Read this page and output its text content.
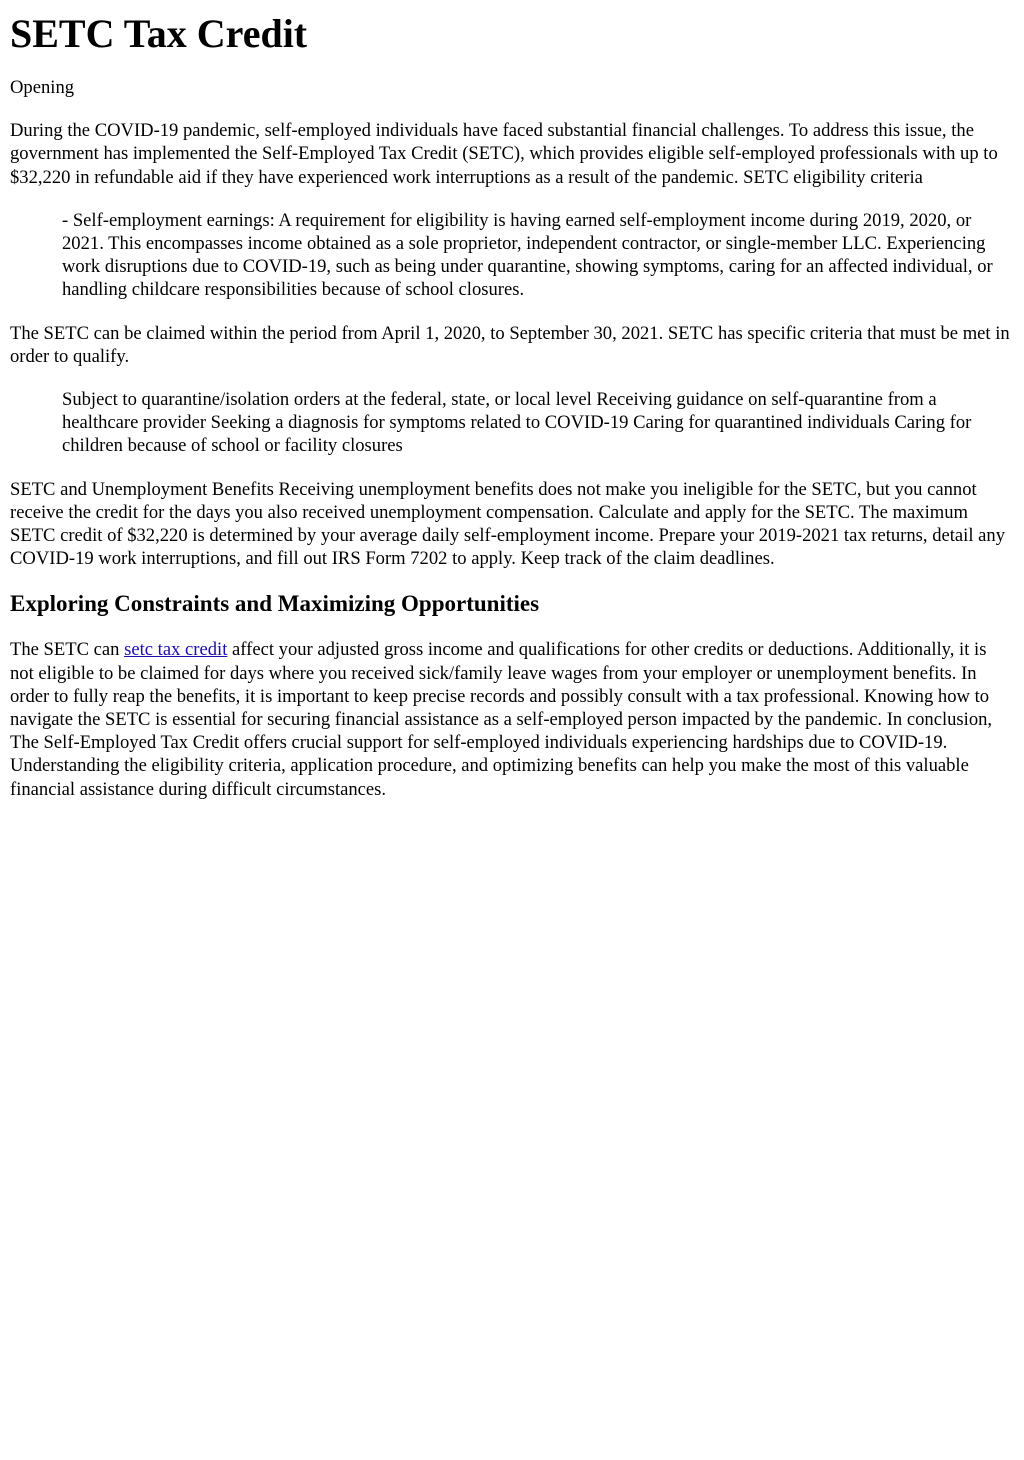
SETC Tax Credit

Opening

During the COVID-19 pandemic, self-employed individuals have faced substantial financial challenges. To address this issue, the government has implemented the Self-Employed Tax Credit (SETC), which provides eligible self-employed professionals with up to $32,220 in refundable aid if they have experienced work interruptions as a result of the pandemic. SETC eligibility criteria

- Self-employment earnings: A requirement for eligibility is having earned self-employment income during 2019, 2020, or 2021. This encompasses income obtained as a sole proprietor, independent contractor, or single-member LLC. Experiencing work disruptions due to COVID-19, such as being under quarantine, showing symptoms, caring for an affected individual, or handling childcare responsibilities because of school closures.

The SETC can be claimed within the period from April 1, 2020, to September 30, 2021. SETC has specific criteria that must be met in order to qualify.

Subject to quarantine/isolation orders at the federal, state, or local level Receiving guidance on self-quarantine from a healthcare provider Seeking a diagnosis for symptoms related to COVID-19 Caring for quarantined individuals Caring for children because of school or facility closures

SETC and Unemployment Benefits Receiving unemployment benefits does not make you ineligible for the SETC, but you cannot receive the credit for the days you also received unemployment compensation. Calculate and apply for the SETC. The maximum SETC credit of $32,220 is determined by your average daily self-employment income. Prepare your 2019-2021 tax returns, detail any COVID-19 work interruptions, and fill out IRS Form 7202 to apply. Keep track of the claim deadlines.

Exploring Constraints and Maximizing Opportunities

The SETC can setc tax credit affect your adjusted gross income and qualifications for other credits or deductions. Additionally, it is not eligible to be claimed for days where you received sick/family leave wages from your employer or unemployment benefits. In order to fully reap the benefits, it is important to keep precise records and possibly consult with a tax professional. Knowing how to navigate the SETC is essential for securing financial assistance as a self-employed person impacted by the pandemic. In conclusion, The Self-Employed Tax Credit offers crucial support for self-employed individuals experiencing hardships due to COVID-19. Understanding the eligibility criteria, application procedure, and optimizing benefits can help you make the most of this valuable financial assistance during difficult circumstances.
